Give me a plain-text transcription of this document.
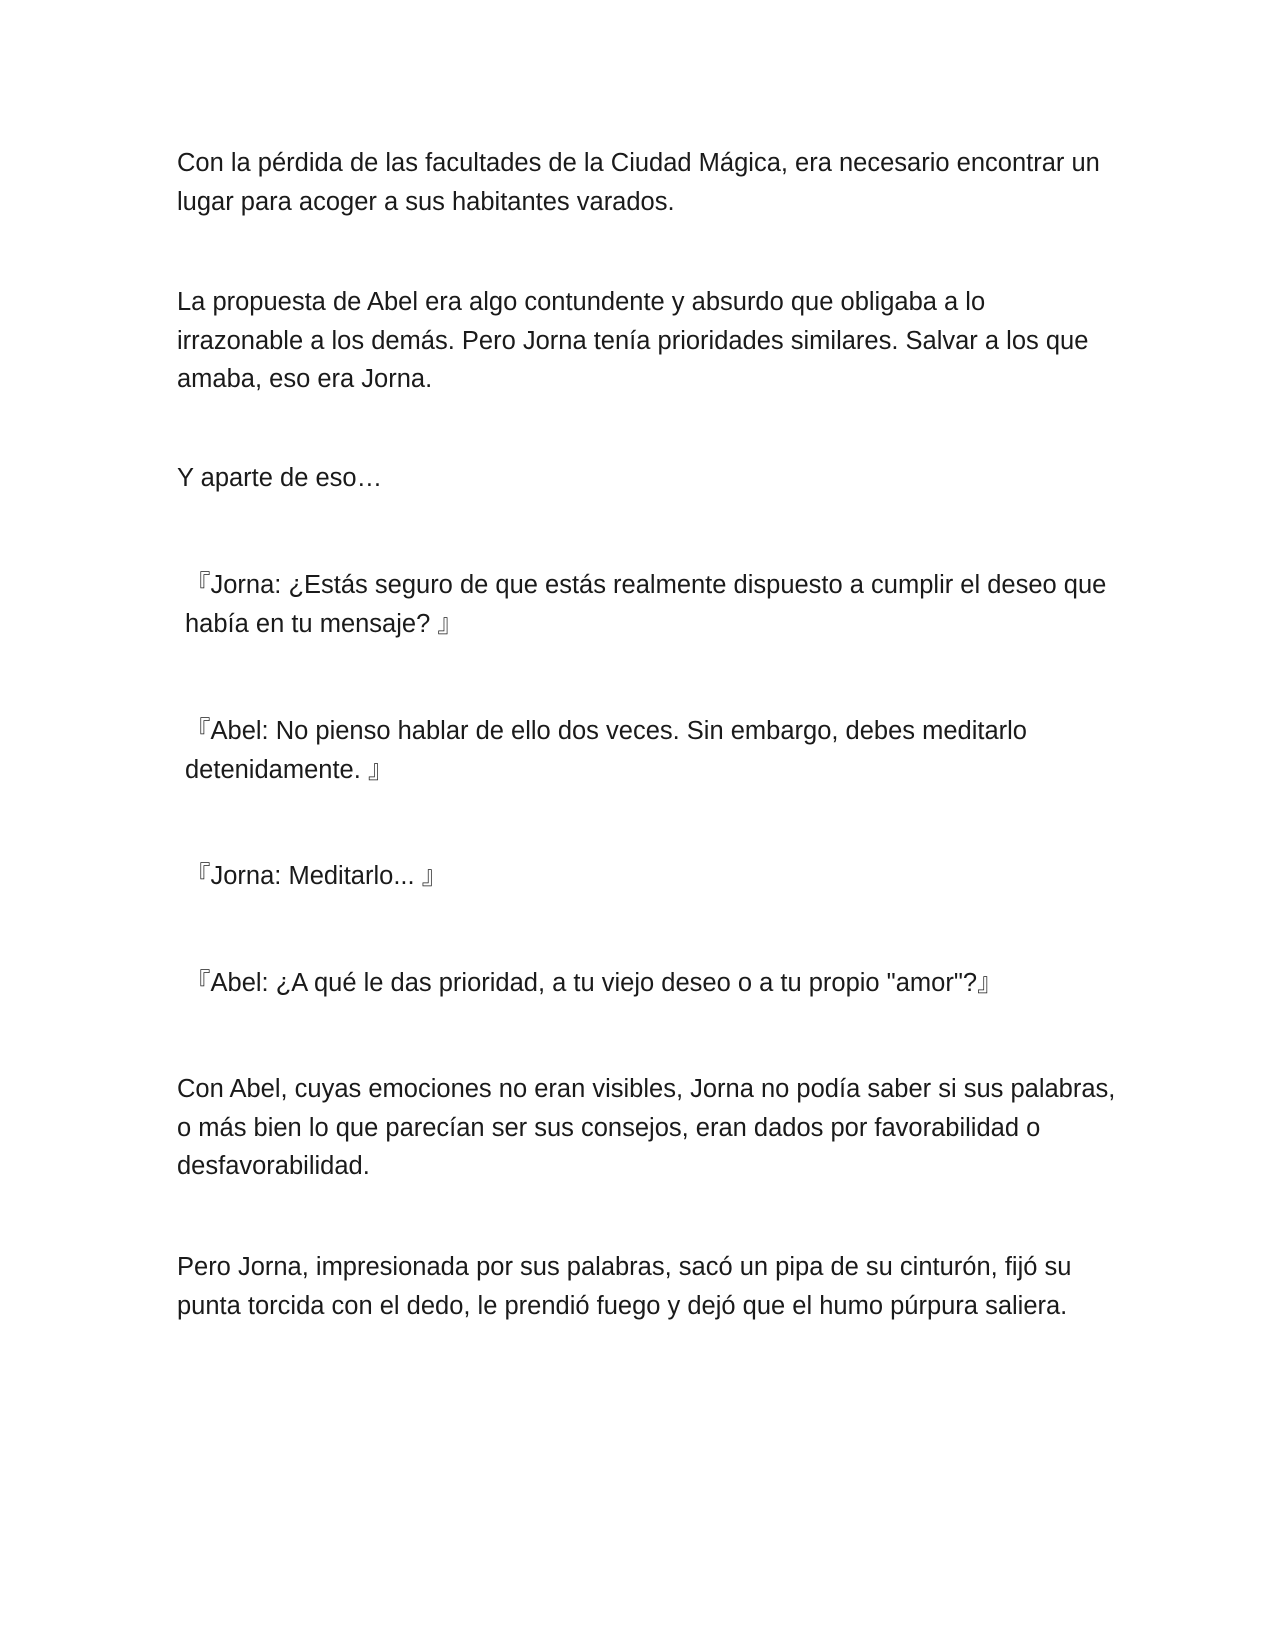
Con la pérdida de las facultades de la Ciudad Mágica, era necesario encontrar un lugar para acoger a sus habitantes varados.

La propuesta de Abel era algo contundente y absurdo que obligaba a lo irrazonable a los demás. Pero Jorna tenía prioridades similares. Salvar a los que amaba, eso era Jorna.

Y aparte de eso…

『Jorna: ¿Estás seguro de que estás realmente dispuesto a cumplir el deseo que había en tu mensaje? 』

『Abel: No pienso hablar de ello dos veces. Sin embargo, debes meditarlo detenidamente. 』

『Jorna: Meditarlo... 』

『Abel: ¿A qué le das prioridad, a tu viejo deseo o a tu propio "amor"?』

Con Abel, cuyas emociones no eran visibles, Jorna no podía saber si sus palabras, o más bien lo que parecían ser sus consejos, eran dados por favorabilidad o desfavorabilidad.

Pero Jorna, impresionada por sus palabras, sacó un pipa de su cinturón, fijó su punta torcida con el dedo, le prendió fuego y dejó que el humo púrpura saliera.
